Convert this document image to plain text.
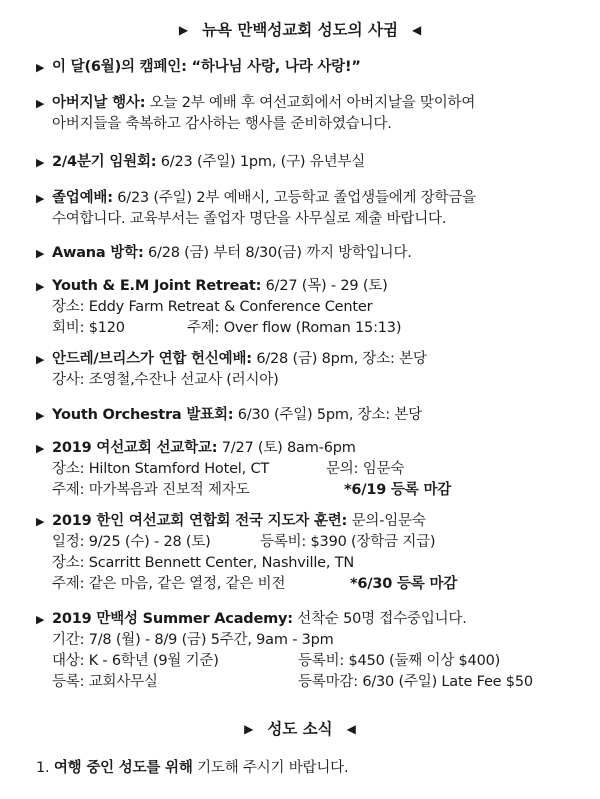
▶ 뉴욕 만백성교회 성도의 사귐 ◀
▶ 이 달(6월)의 캠페인: “하나님 사랑, 나라 사랑!”
▶ 아버지날 행사: 오늘 2부 예배 후 여선교회에서 아버지날을 맞이하여
아버지들을 축복하고 감사하는 행사를 준비하였습니다.
▶ 2/4분기 임원회: 6/23 (주일) 1pm, (구) 유년부실
▶ 졸업예배: 6/23 (주일) 2부 예배시, 고등학교 졸업생들에게 장학금을
수여합니다. 교육부서는 졸업자 명단을 사무실로 제출 바랍니다.
▶ Awana 방학: 6/28 (금) 부터 8/30(금) 까지 방학입니다.
▶ Youth & E.M Joint Retreat: 6/27 (목) - 29 (토)
장소: Eddy Farm Retreat & Conference Center
회비: $120	주제: Over flow (Roman 15:13)
▶ 안드레/브리스가 연합 헌신예배: 6/28 (금) 8pm, 장소: 본당
강사: 조영철,수잔나 선교사 (러시아)
▶ Youth Orchestra 발표회: 6/30 (주일) 5pm, 장소: 본당
▶ 2019 여선교회 선교학교: 7/27 (토) 8am-6pm
장소: Hilton Stamford Hotel, CT	문의: 임문숙
주제: 마가복음과 진보적 제자도	*6/19 등록 마감
▶ 2019 한인 여선교회 연합회 전국 지도자 훈련: 문의-임문숙
일정: 9/25 (수) - 28 (토)	등록비: $390 (장학금 지급)
장소: Scarritt Bennett Center, Nashville, TN
주제: 같은 마음, 같은 열정, 같은 비전	*6/30 등록 마감
▶ 2019 만백성 Summer Academy: 선착순 50명 접수중입니다.
기간: 7/8 (월) - 8/9 (금) 5주간, 9am - 3pm
대상: K - 6학년 (9월 기준)	등록비: $450 (둘째 이상 $400)
등록: 교회사무실	등록마감: 6/30 (주일) Late Fee $50
▶ 성도 소식 ◀
1. 여행 중인 성도를 위해 기도해 주시기 바랍니다.
